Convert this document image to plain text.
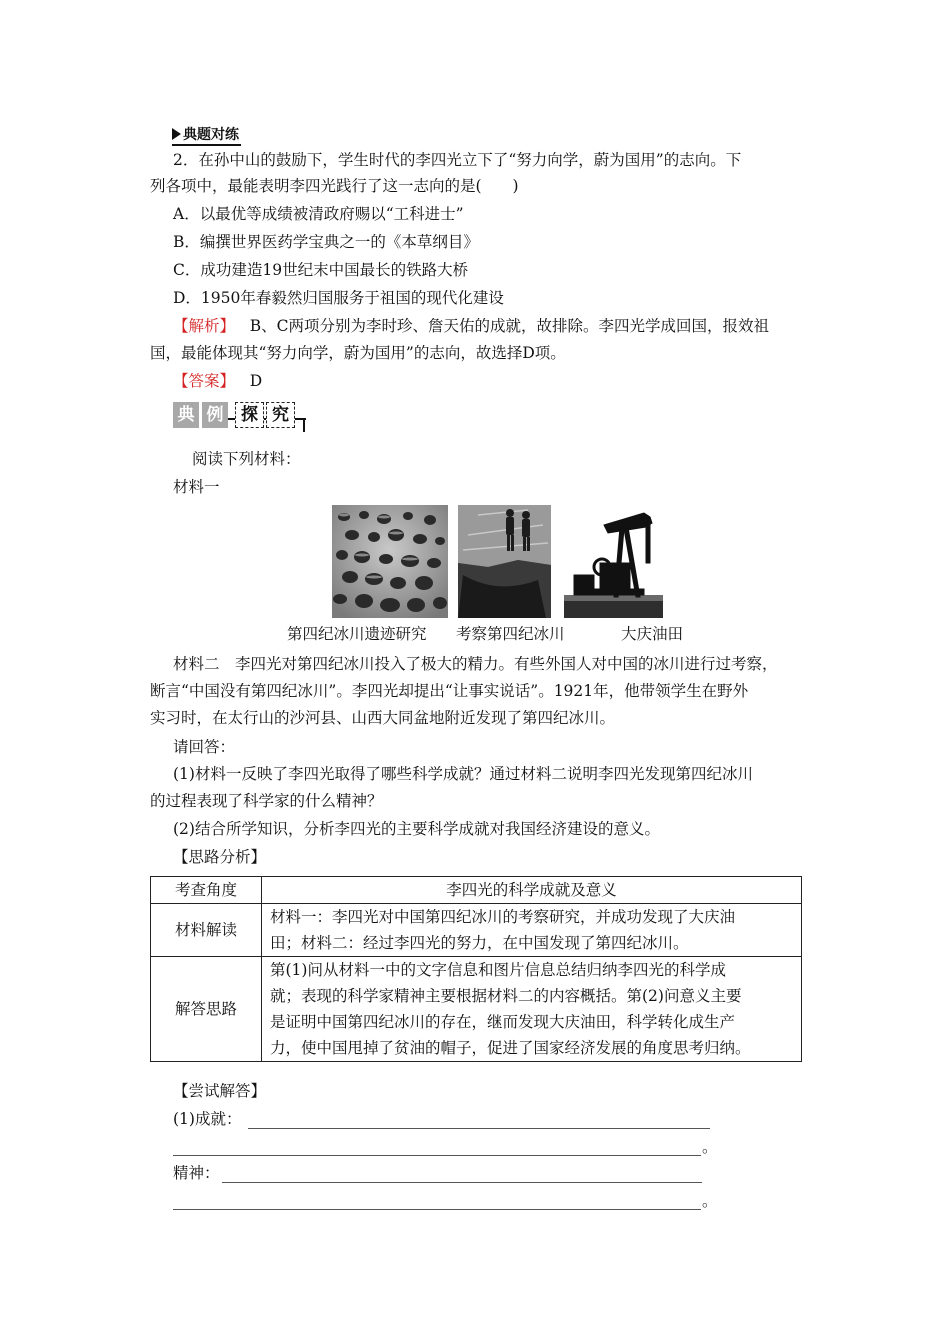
典题对练
2．在孙中山的鼓励下，学生时代的李四光立下了“努力向学，蔚为国用”的志向。下
列各项中，最能表明李四光践行了这一志向的是(　　)
A．以最优等成绩被清政府赐以“工科进士”
B．编撰世界医药学宝典之一的《本草纲目》
C．成功建造19世纪末中国最长的铁路大桥
D．1950年春毅然归国服务于祖国的现代化建设
【解析】 B、C两项分别为李时珍、詹天佑的成就，故排除。李四光学成回国，报效祖
国，最能体现其“努力向学，蔚为国用”的志向，故选择D项。
【答案】 D
典 例	探 究
阅读下列材料：
材料一
第四纪冰川遗迹研究 考察第四纪冰川	大庆油田
材料二　李四光对第四纪冰川投入了极大的精力。有些外国人对中国的冰川进行过考察，
断言“中国没有第四纪冰川”。李四光却提出“让事实说话”。1921年，他带领学生在野外
实习时，在太行山的沙河县、山西大同盆地附近发现了第四纪冰川。
请回答：
(1)材料一反映了李四光取得了哪些科学成就？通过材料二说明李四光发现第四纪冰川
的过程表现了科学家的什么精神？
(2)结合所学知识，分析李四光的主要科学成就对我国经济建设的意义。
【思路分析】
考查角度	李四光的科学成就及意义
材料解读	材料一：李四光对中国第四纪冰川的考察研究，并成功发现了大庆油
田；材料二：经过李四光的努力，在中国发现了第四纪冰川。

解答思路	第(1)问从材料一中的文字信息和图片信息总结归纳李四光的科学成
就；表现的科学家精神主要根据材料二的内容概括。第(2)问意义主要
是证明中国第四纪冰川的存在，继而发现大庆油田，科学转化成生产
力，使中国甩掉了贫油的帽子，促进了国家经济发展的角度思考归纳。
【尝试解答】
(1)成就：
。
精神：
。
